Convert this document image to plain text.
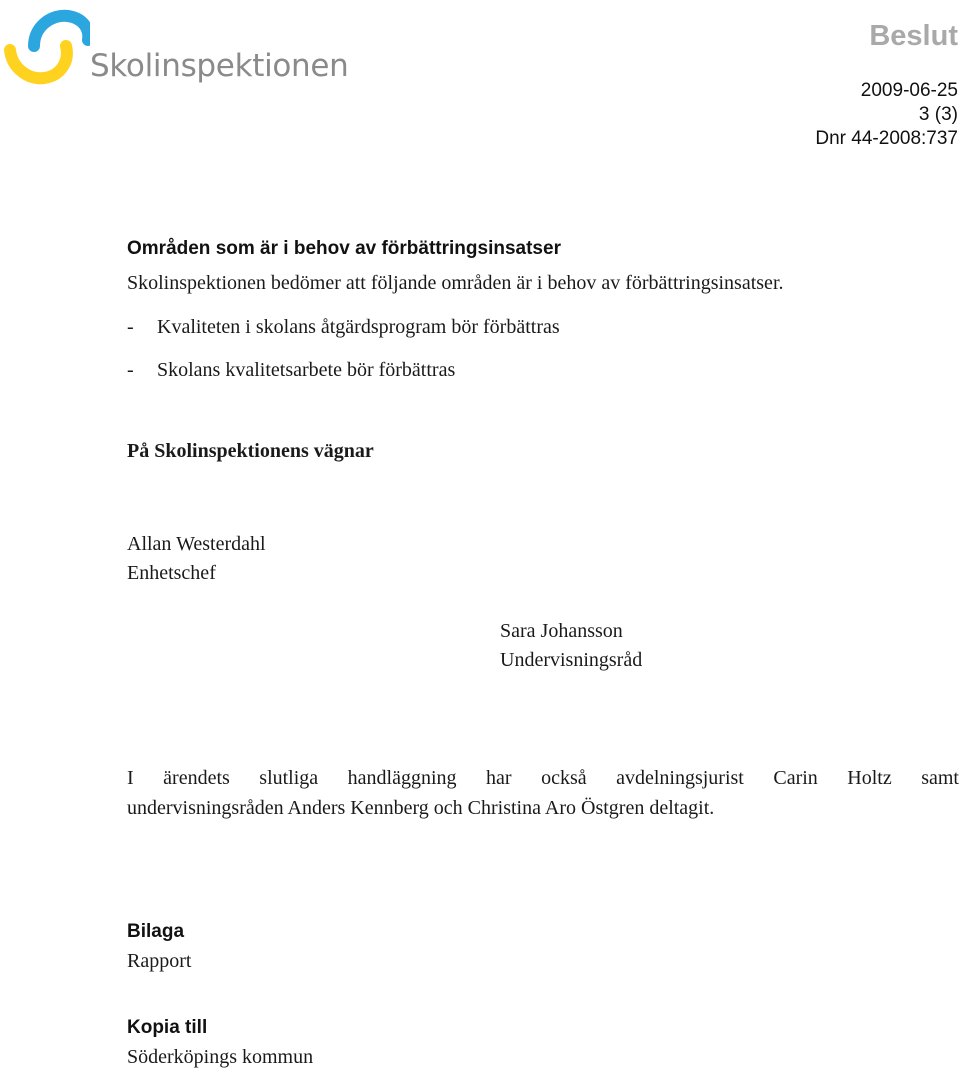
Skolinspektionen
Beslut
2009-06-25
3 (3)
Dnr 44-2008:737
Områden som är i behov av förbättringsinsatser
Skolinspektionen bedömer att följande områden är i behov av förbättringsinsatser.
- Kvaliteten i skolans åtgärdsprogram bör förbättras
- Skolans kvalitetsarbete bör förbättras
På Skolinspektionens vägnar
Allan Westerdahl
Enhetschef
Sara Johansson
Undervisningsråd
I ärendets slutliga handläggning har också avdelningsjurist Carin Holtz samt
undervisningsråden Anders Kennberg och Christina Aro Östgren deltagit.
Bilaga
Rapport
Kopia till
Söderköpings kommun
